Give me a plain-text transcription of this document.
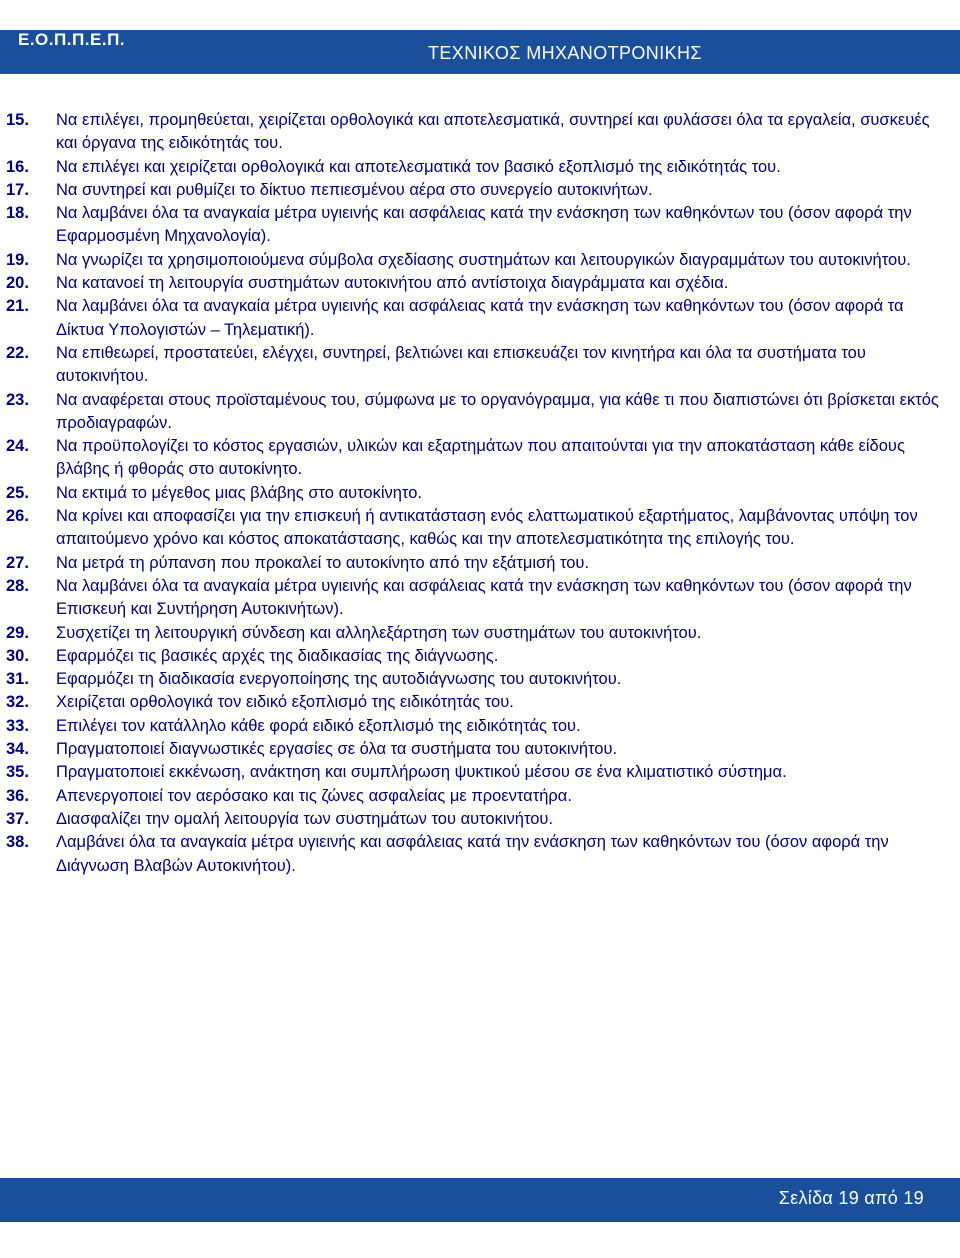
Ε.Ο.Π.Π.Ε.Π.
ΤΕΧΝΙΚΟΣ ΜΗΧΑΝΟΤΡΟΝΙΚΗΣ
15. Να επιλέγει, προμηθεύεται, χειρίζεται ορθολογικά και αποτελεσματικά, συντηρεί και φυλάσσει όλα τα εργαλεία, συσκευές και όργανα της ειδικότητάς του.
16. Να επιλέγει και χειρίζεται ορθολογικά και αποτελεσματικά τον βασικό εξοπλισμό της ειδικότητάς του.
17. Να συντηρεί και ρυθμίζει το δίκτυο πεπιεσμένου αέρα στο συνεργείο αυτοκινήτων.
18. Να λαμβάνει όλα τα αναγκαία μέτρα υγιεινής και ασφάλειας κατά την ενάσκηση των καθηκόντων του (όσον αφορά την Εφαρμοσμένη Μηχανολογία).
19. Να γνωρίζει τα χρησιμοποιούμενα σύμβολα σχεδίασης συστημάτων και λειτουργικών διαγραμμάτων του αυτοκινήτου.
20. Να κατανοεί τη λειτουργία συστημάτων αυτοκινήτου από αντίστοιχα διαγράμματα και σχέδια.
21. Να λαμβάνει όλα τα αναγκαία μέτρα υγιεινής και ασφάλειας κατά την ενάσκηση των καθηκόντων του (όσον αφορά τα Δίκτυα Υπολογιστών – Τηλεματική).
22. Να επιθεωρεί, προστατεύει, ελέγχει, συντηρεί, βελτιώνει και επισκευάζει τον κινητήρα και όλα τα συστήματα του αυτοκινήτου.
23. Να αναφέρεται στους προϊσταμένους του, σύμφωνα με το οργανόγραμμα, για κάθε τι που διαπιστώνει ότι βρίσκεται εκτός προδιαγραφών.
24. Να προϋπολογίζει το κόστος εργασιών, υλικών και εξαρτημάτων που απαιτούνται για την αποκατάσταση κάθε είδους βλάβης ή φθοράς στο αυτοκίνητο.
25. Να εκτιμά το μέγεθος μιας βλάβης στο αυτοκίνητο.
26. Να κρίνει και αποφασίζει για την επισκευή ή αντικατάσταση ενός ελαττωματικού εξαρτήματος, λαμβάνοντας υπόψη τον απαιτούμενο χρόνο και κόστος αποκατάστασης, καθώς και την αποτελεσματικότητα της επιλογής του.
27. Να μετρά τη ρύπανση που προκαλεί το αυτοκίνητο από την εξάτμισή του.
28. Να λαμβάνει όλα τα αναγκαία μέτρα υγιεινής και ασφάλειας κατά την ενάσκηση των καθηκόντων του (όσον αφορά την Επισκευή και Συντήρηση Αυτοκινήτων).
29. Συσχετίζει τη λειτουργική σύνδεση και αλληλεξάρτηση των συστημάτων του αυτοκινήτου.
30. Εφαρμόζει τις βασικές αρχές της διαδικασίας της διάγνωσης.
31. Εφαρμόζει τη διαδικασία ενεργοποίησης της αυτοδιάγνωσης του αυτοκινήτου.
32. Χειρίζεται ορθολογικά τον ειδικό εξοπλισμό της ειδικότητάς του.
33. Επιλέγει τον κατάλληλο κάθε φορά ειδικό εξοπλισμό της ειδικότητάς του.
34. Πραγματοποιεί διαγνωστικές εργασίες σε όλα τα συστήματα του αυτοκινήτου.
35. Πραγματοποιεί εκκένωση, ανάκτηση και συμπλήρωση ψυκτικού μέσου σε ένα κλιματιστικό σύστημα.
36. Απενεργοποιεί τον αερόσακο και τις ζώνες ασφαλείας με προεντατήρα.
37. Διασφαλίζει την ομαλή λειτουργία των συστημάτων του αυτοκινήτου.
38. Λαμβάνει όλα τα αναγκαία μέτρα υγιεινής και ασφάλειας κατά την ενάσκηση των καθηκόντων του (όσον αφορά την Διάγνωση Βλαβών Αυτοκινήτου).
Σελίδα 19 από 19
